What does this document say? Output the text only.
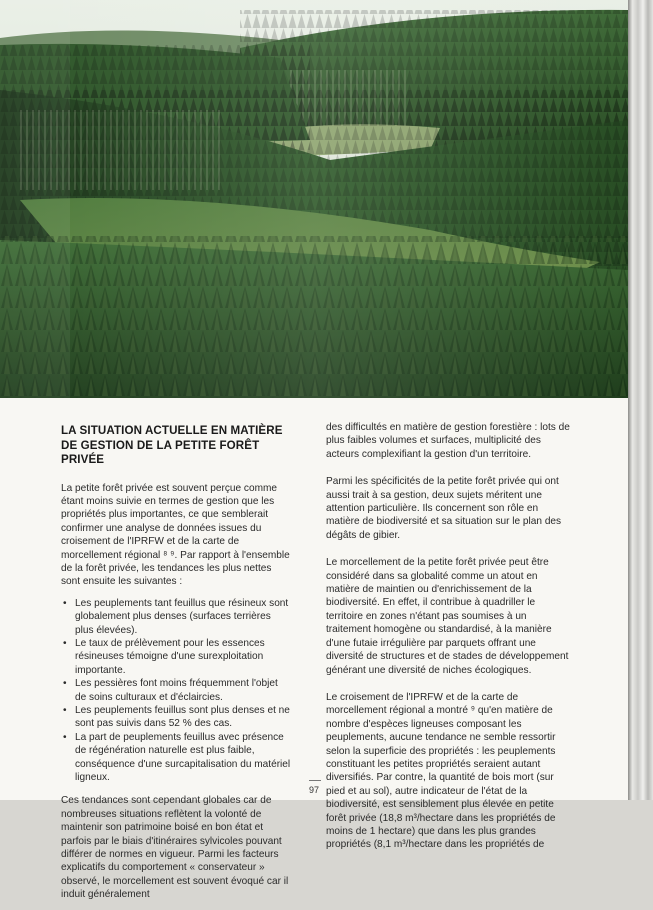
LA SITUATION ACTUELLE EN MATIÈRE DE GESTION DE LA PETITE FORÊT PRIVÉE

La petite forêt privée est souvent perçue comme étant moins suivie en termes de gestion que les propriétés plus importantes, ce que semblerait confirmer une analyse de données issues du croisement de l'IPRFW et de la carte de morcellement régional ⁸ ⁹. Par rapport à l'ensemble de la forêt privée, les tendances les plus nettes sont ensuite les suivantes :

• Les peuplements tant feuillus que résineux sont globalement plus denses (surfaces terrières plus élevées).
• Le taux de prélèvement pour les essences résineuses témoigne d'une surexploitation importante.
• Les pessières font moins fréquemment l'objet de soins culturaux et d'éclaircies.
• Les peuplements feuillus sont plus denses et ne sont pas suivis dans 52 % des cas.
• La part de peuplements feuillus avec présence de régénération naturelle est plus faible, conséquence d'une surcapitalisation du matériel ligneux.

Ces tendances sont cependant globales car de nombreuses situations reflètent la volonté de maintenir son patrimoine boisé en bon état et parfois par le biais d'itinéraires sylvicoles pouvant différer de normes en vigueur. Parmi les facteurs explicatifs du comportement « conservateur » observé, le morcellement est souvent évoqué car il induit généralement

des difficultés en matière de gestion forestière : lots de plus faibles volumes et surfaces, multiplicité des acteurs complexifiant la gestion d'un territoire.

Parmi les spécificités de la petite forêt privée qui ont aussi trait à sa gestion, deux sujets méritent une attention particulière. Ils concernent son rôle en matière de biodiversité et sa situation sur le plan des dégâts de gibier.

Le morcellement de la petite forêt privée peut être considéré dans sa globalité comme un atout en matière de maintien ou d'enrichissement de la biodiversité. En effet, il contribue à quadriller le territoire en zones n'étant pas soumises à un traitement homogène ou standardisé, à la manière d'une futaie irrégulière par parquets offrant une diversité de structures et de stades de développement générant une diversité de niches écologiques.

Le croisement de l'IPRFW et de la carte de morcellement régional a montré ⁹ qu'en matière de nombre d'espèces ligneuses composant les peuplements, aucune tendance ne semble ressortir selon la superficie des propriétés : les peuplements constituant les petites propriétés seraient autant diversifiés. Par contre, la quantité de bois mort (sur pied et au sol), autre indicateur de l'état de la biodiversité, est sensiblement plus élevée en petite forêt privée (18,8 m³/hectare dans les propriétés de moins de 1 hectare) que dans les plus grandes propriétés (8,1 m³/hectare dans les propriétés de

97
